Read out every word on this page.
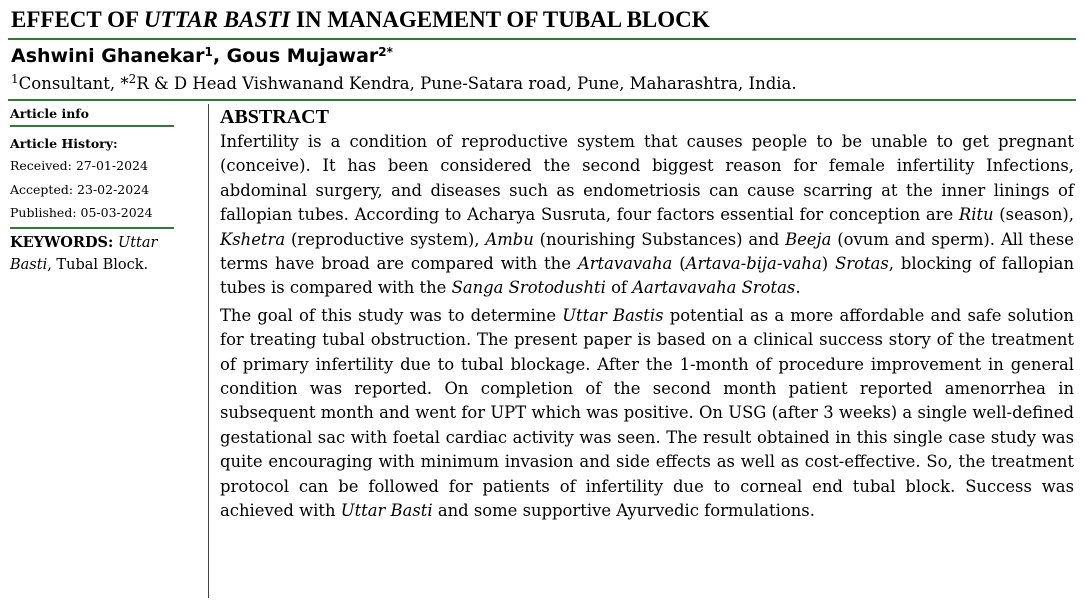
EFFECT OF UTTAR BASTI IN MANAGEMENT OF TUBAL BLOCK
Ashwini Ghanekar$^1$, Gous Mujawar$^{2*}$
$^1$Consultant, *$^2$R & D Head Vishwanand Kendra, Pune-Satara road, Pune, Maharashtra, India.
Article info
Article History:
Received: 27-01-2024
Accepted: 23-02-2024
Published: 05-03-2024
KEYWORDS: Uttar Basti, Tubal Block.
ABSTRACT

Infertility is a condition of reproductive system that causes people to be unable to get pregnant (conceive). It has been considered the second biggest reason for female infertility Infections, abdominal surgery, and diseases such as endometriosis can cause scarring at the inner linings of fallopian tubes. According to Acharya Susruta, four factors essential for conception are Ritu (season), Kshetra (reproductive system), Ambu (nourishing Substances) and Beeja (ovum and sperm). All these terms have broad are compared with the Artavavaha (Artava-bija-vaha) Srotas, blocking of fallopian tubes is compared with the Sanga Srotodushti of Aartavavaha Srotas.

The goal of this study was to determine Uttar Bastis potential as a more affordable and safe solution for treating tubal obstruction. The present paper is based on a clinical success story of the treatment of primary infertility due to tubal blockage. After the 1-month of procedure improvement in general condition was reported. On completion of the second month patient reported amenorrhea in subsequent month and went for UPT which was positive. On USG (after 3 weeks) a single well-defined gestational sac with foetal cardiac activity was seen. The result obtained in this single case study was quite encouraging with minimum invasion and side effects as well as cost-effective. So, the treatment protocol can be followed for patients of infertility due to corneal end tubal block. Success was achieved with Uttar Basti and some supportive Ayurvedic formulations.
